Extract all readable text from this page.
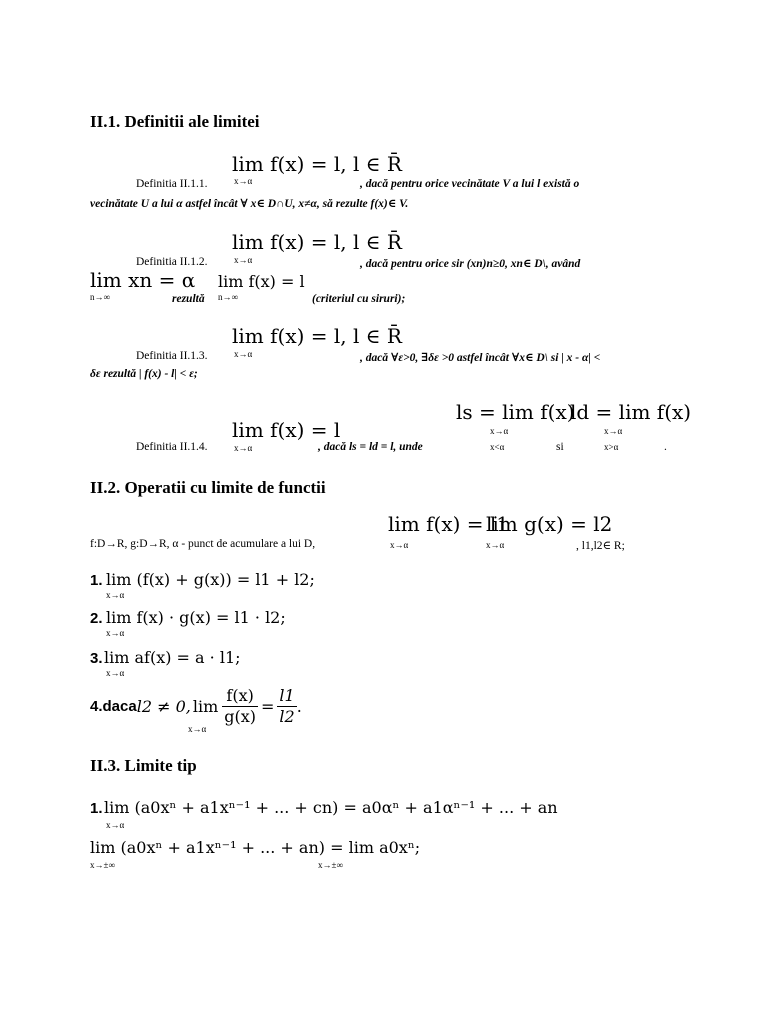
II.1. Definitii ale limitei
lim f(x) = l, l ∈ R̄
x→α
Definitia II.1.1.	, dacă pentru orice vecinătate V a lui l există o
vecinătate U a lui α astfel încât ∀ x∈ D∩U, x≠α, să rezulte f(x)∈ V.
lim f(x) = l, l ∈ R̄
x→α
Definitia II.1.2.	, dacă pentru orice sir (xn)n≥0, xn∈ D\, având
lim xn = α
n→∞	rezultă
lim f(x) = l
n→∞	(criteriul cu siruri);
lim f(x) = l, l ∈ R̄
x→α
Definitia II.1.3.	, dacă ∀ε>0, ∃δε >0 astfel încât ∀x∈ D\ si | x - α| <
δε rezultă | f(x) - l| < ε;
lim f(x) = l
x→α
Definitia II.1.4.	, dacă ls = ld = l, unde
ls = lim f(x)
x→α
x<α	si
ld = lim f(x)
x→α
x>α	.
II.2. Operatii cu limite de functii
lim f(x) = l1
lim g(x) = l2
f:D→R, g:D→R, α - punct de acumulare a lui D,	x→α	x→α	, l1,l2∈ R;
1. lim (f(x) + g(x)) = l1 + l2;
x→α
2. lim f(x) · g(x) = l1 · l2;
x→α
3. lim af(x) = a · l1;
x→α
4. daca l2 ≠ 0, $\lim \frac{f(x)}{g(x)} = \frac{l1}{l2}$ .
x→α
II.3. Limite tip
1. lim (a0xⁿ + a1xⁿ⁻¹ + ... + cn) = a0αⁿ + a1αⁿ⁻¹ + ... + an
x→α
lim (a0xⁿ + a1xⁿ⁻¹ + ... + an) = lim a0xⁿ;
x→±∞	x→±∞
